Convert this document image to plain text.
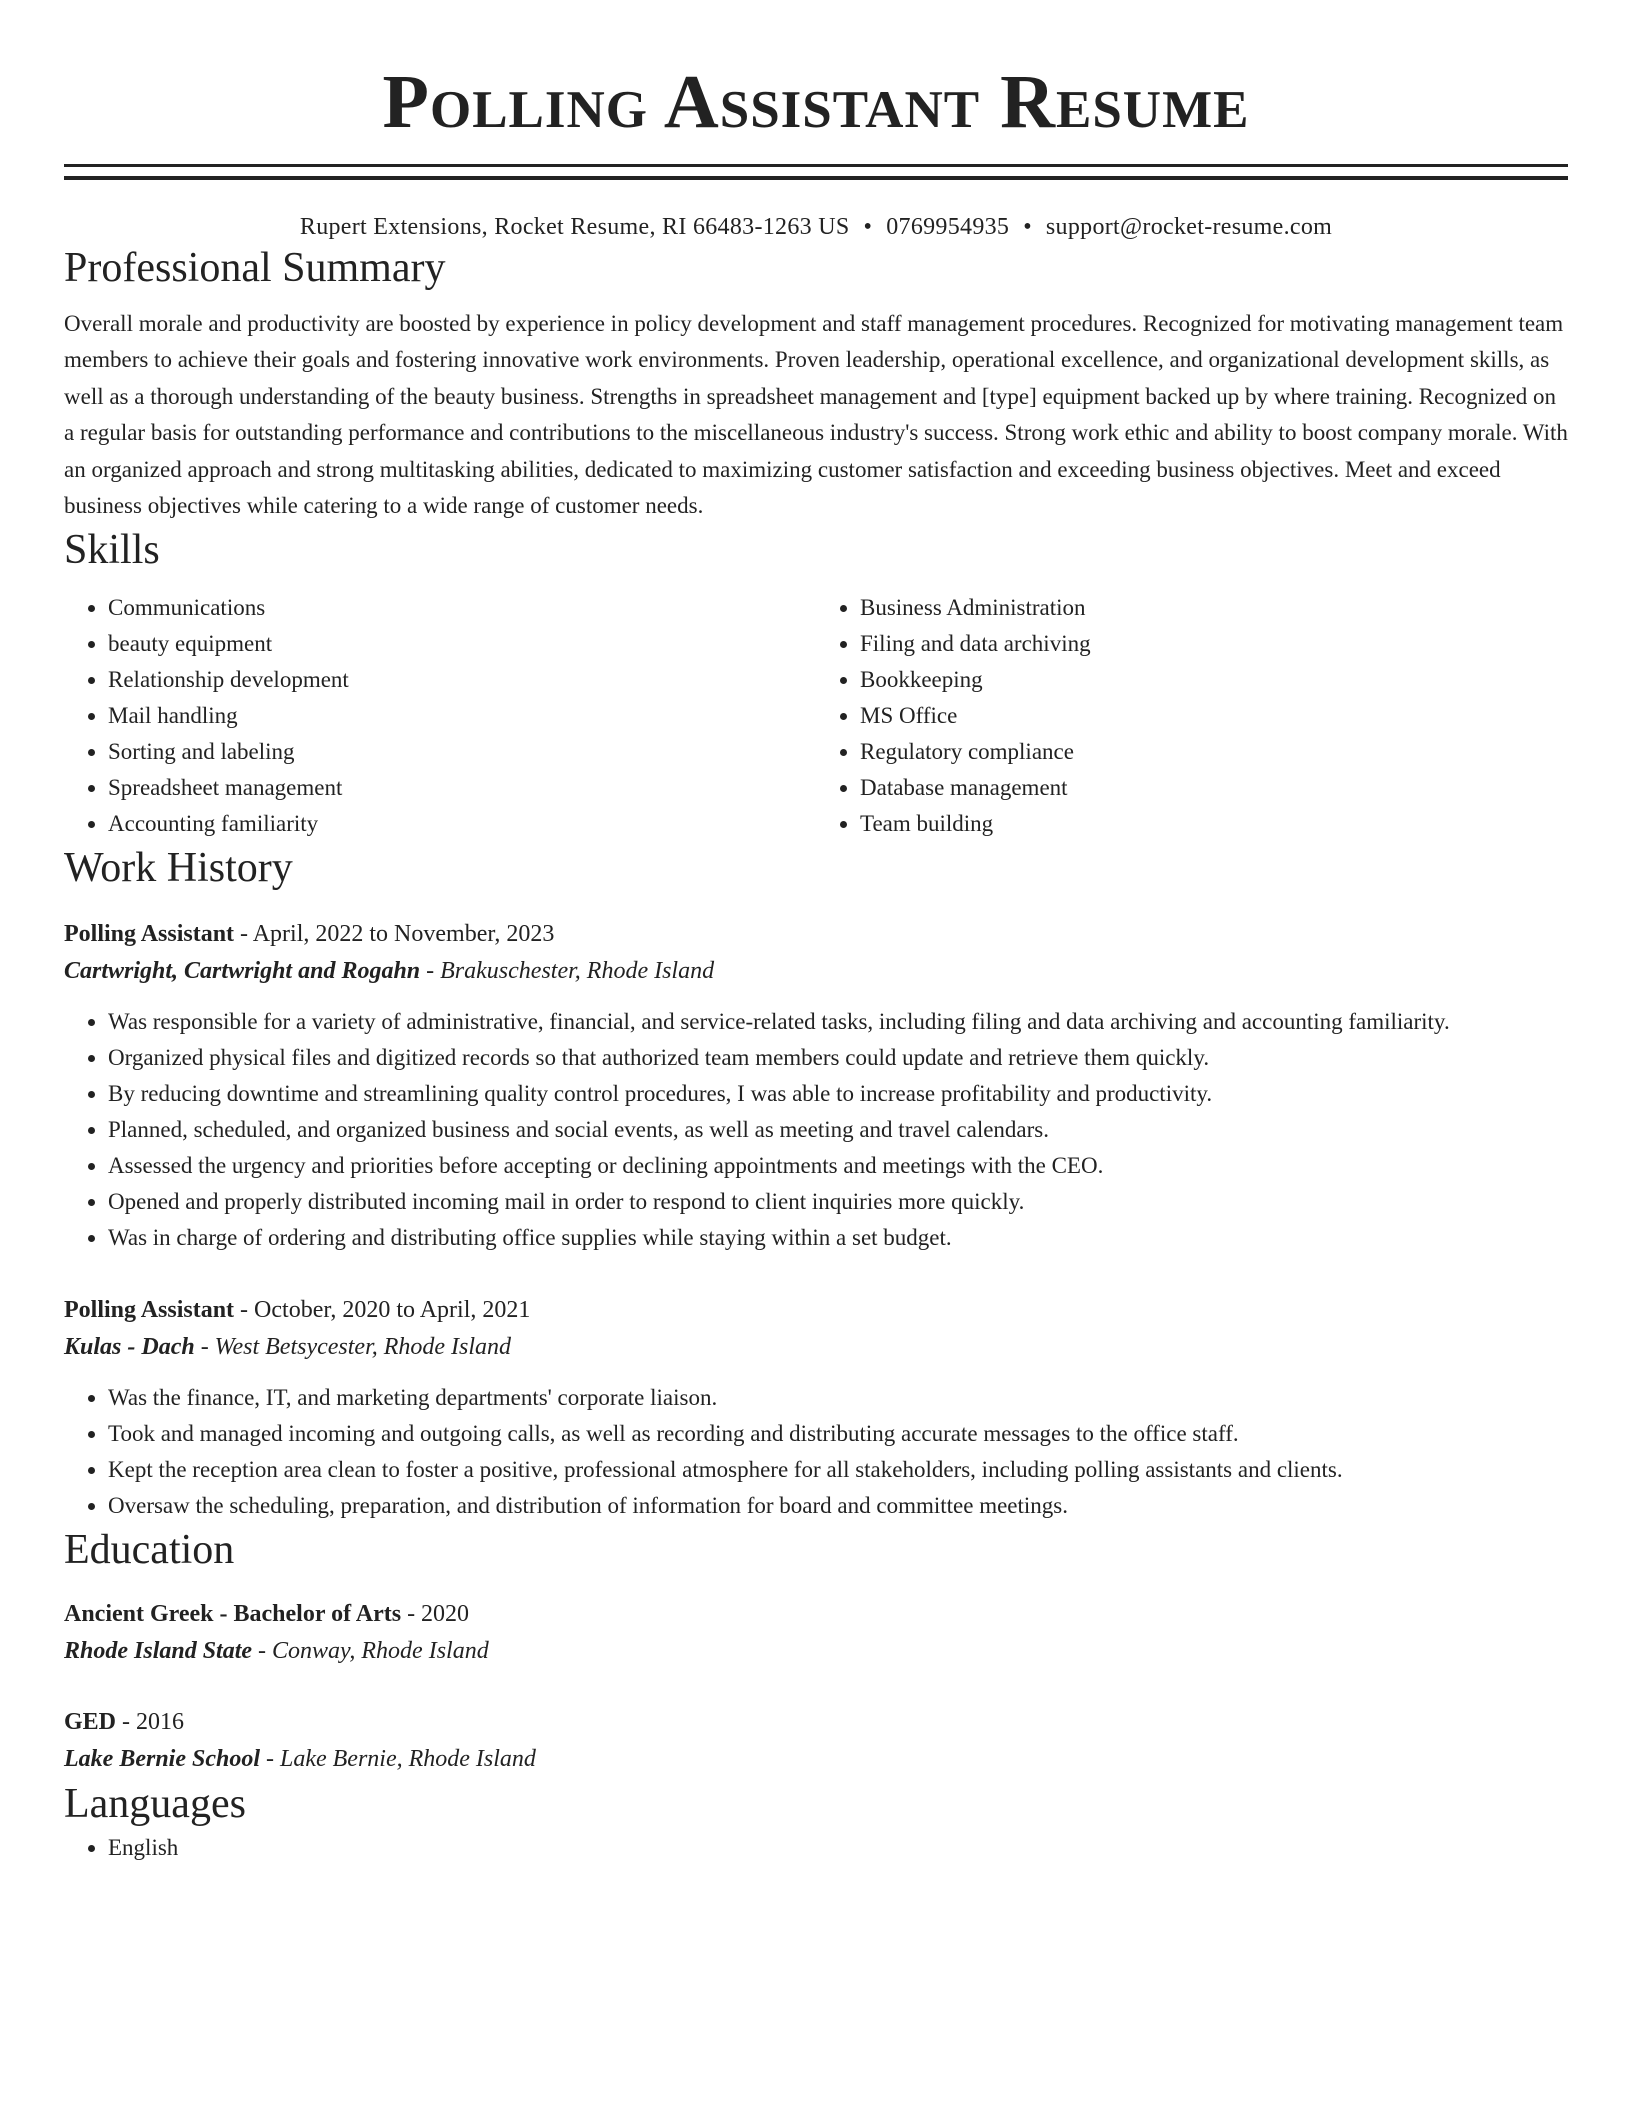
Polling Assistant Resume
Rupert Extensions, Rocket Resume, RI 66483-1263 US • 0769954935 • support@rocket-resume.com
Professional Summary

Overall morale and productivity are boosted by experience in policy development and staff management procedures. Recognized for motivating management team members to achieve their goals and fostering innovative work environments. Proven leadership, operational excellence, and organizational development skills, as well as a thorough understanding of the beauty business. Strengths in spreadsheet management and [type] equipment backed up by where training. Recognized on a regular basis for outstanding performance and contributions to the miscellaneous industry's success. Strong work ethic and ability to boost company morale. With an organized approach and strong multitasking abilities, dedicated to maximizing customer satisfaction and exceeding business objectives. Meet and exceed business objectives while catering to a wide range of customer needs.

Skills
• Communications
• beauty equipment
• Relationship development
• Mail handling
• Sorting and labeling
• Spreadsheet management
• Accounting familiarity
• Business Administration
• Filing and data archiving
• Bookkeeping
• MS Office
• Regulatory compliance
• Database management
• Team building
Work History
Polling Assistant - April, 2022 to November, 2023
Cartwright, Cartwright and Rogahn - Brakuschester, Rhode Island
• Was responsible for a variety of administrative, financial, and service-related tasks, including filing and data archiving and accounting familiarity.
• Organized physical files and digitized records so that authorized team members could update and retrieve them quickly.
• By reducing downtime and streamlining quality control procedures, I was able to increase profitability and productivity.
• Planned, scheduled, and organized business and social events, as well as meeting and travel calendars.
• Assessed the urgency and priorities before accepting or declining appointments and meetings with the CEO.
• Opened and properly distributed incoming mail in order to respond to client inquiries more quickly.
• Was in charge of ordering and distributing office supplies while staying within a set budget.
Polling Assistant - October, 2020 to April, 2021
Kulas - Dach - West Betsycester, Rhode Island
• Was the finance, IT, and marketing departments' corporate liaison.
• Took and managed incoming and outgoing calls, as well as recording and distributing accurate messages to the office staff.
• Kept the reception area clean to foster a positive, professional atmosphere for all stakeholders, including polling assistants and clients.
• Oversaw the scheduling, preparation, and distribution of information for board and committee meetings.
Education
Ancient Greek - Bachelor of Arts - 2020
Rhode Island State - Conway, Rhode Island
GED - 2016
Lake Bernie School - Lake Bernie, Rhode Island
Languages
• English
